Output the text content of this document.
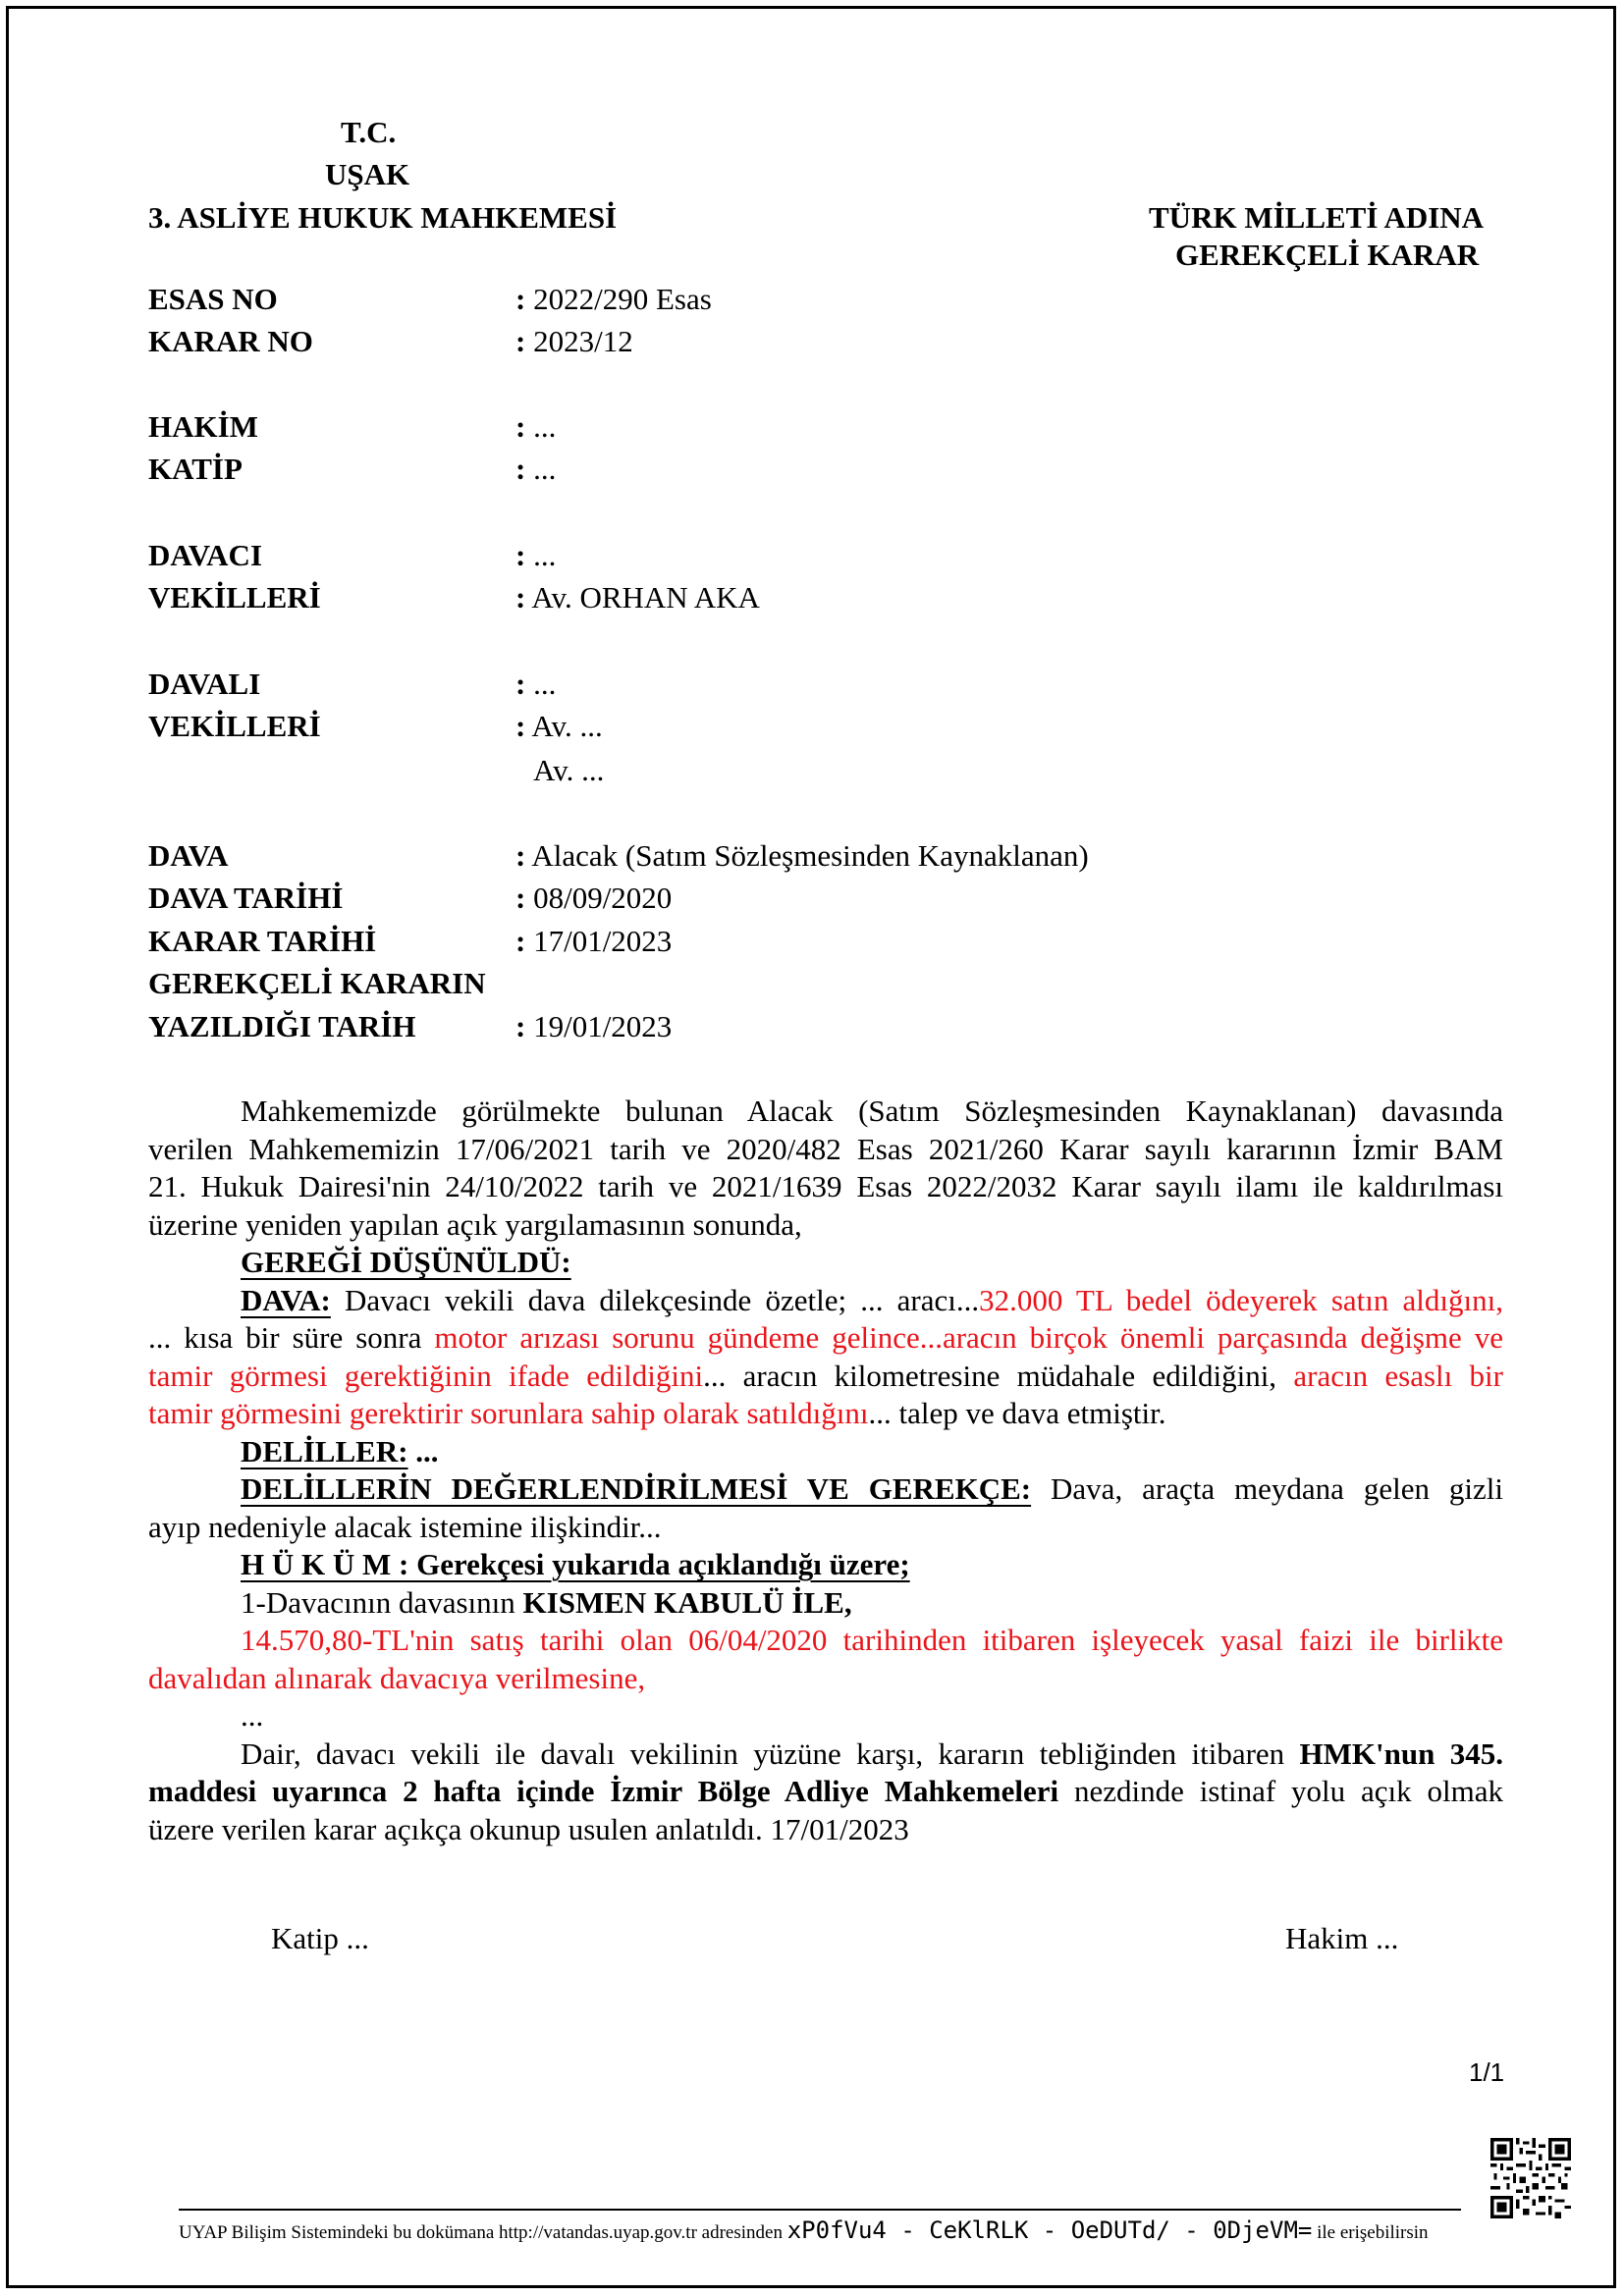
T.C.
UŞAK
3. ASLİYE HUKUK MAHKEMESİ	TÜRK MİLLETİ ADINA
GEREKÇELİ KARAR
ESAS NO	: 2022/290 Esas
KARAR NO	: 2023/12
HAKİM	: ...
KATİP	: ...
DAVACI	: ...
VEKİLLERİ	: Av. ORHAN AKA
DAVALI	: ...
VEKİLLERİ	: Av. ...
Av. ...
DAVA	: Alacak (Satım Sözleşmesinden Kaynaklanan)
DAVA TARİHİ	: 08/09/2020
KARAR TARİHİ	: 17/01/2023
GEREKÇELİ KARARIN
YAZILDIĞI TARİH	: 19/01/2023
Mahkememizde görülmekte bulunan Alacak (Satım Sözleşmesinden Kaynaklanan) davasında
verilen Mahkememizin 17/06/2021 tarih ve 2020/482 Esas 2021/260 Karar sayılı kararının İzmir BAM
21. Hukuk Dairesi'nin 24/10/2022 tarih ve 2021/1639 Esas 2022/2032 Karar sayılı ilamı ile kaldırılması
üzerine yeniden yapılan açık yargılamasının sonunda,
GEREĞİ DÜŞÜNÜLDÜ:
DAVA: Davacı vekili dava dilekçesinde özetle; ... aracı...32.000 TL bedel ödeyerek satın aldığını,
... kısa bir süre sonra motor arızası sorunu gündeme gelince...aracın birçok önemli parçasında değişme ve
tamir görmesi gerektiğinin ifade edildiğini... aracın kilometresine müdahale edildiğini, aracın esaslı bir
tamir görmesini gerektirir sorunlara sahip olarak satıldığını... talep ve dava etmiştir.
DELİLLER: ...
DELİLLERİN DEĞERLENDİRİLMESİ VE GEREKÇE: Dava, araçta meydana gelen gizli
ayıp nedeniyle alacak istemine ilişkindir...
H Ü K Ü M : Gerekçesi yukarıda açıklandığı üzere;
1-Davacının davasının KISMEN KABULÜ İLE,
14.570,80-TL'nin satış tarihi olan 06/04/2020 tarihinden itibaren işleyecek yasal faizi ile birlikte
davalıdan alınarak davacıya verilmesine,
...
Dair, davacı vekili ile davalı vekilinin yüzüne karşı, kararın tebliğinden itibaren HMK'nun 345.
maddesi uyarınca 2 hafta içinde İzmir Bölge Adliye Mahkemeleri nezdinde istinaf yolu açık olmak
üzere verilen karar açıkça okunup usulen anlatıldı. 17/01/2023
Katip ...	Hakim ...
1/1
UYAP Bilişim Sistemindeki bu dokümana http://vatandas.uyap.gov.tr adresinden xP0fVu4 - CeKlRLK - OeDUTd/ - 0DjeVM= ile erişebilirsin
